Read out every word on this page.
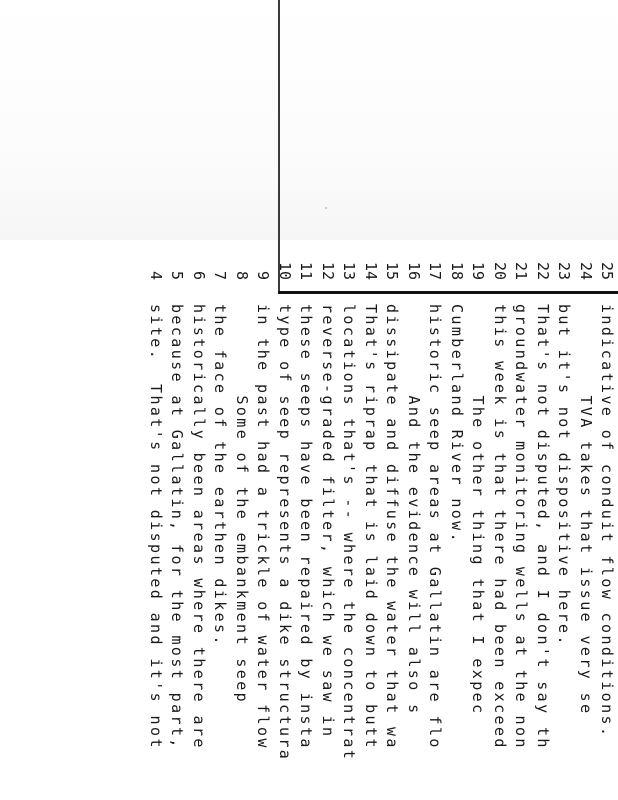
4
site.  That's not disputed and it's not
5
because at Gallatin, for the most part,
6
historically been areas where there are
7
the face of the earthen dikes.
8
Some of the embankment seep
9
in the past had a trickle of water flow
10
type of seep represents a dike structura
11
these seeps have been repaired by insta
12
reverse-graded filter, which we saw in
13
locations that's -- where the concentrat
14
That's riprap that is laid down to butt
15
dissipate and diffuse the water that wa
16
And the evidence will also s
17
historic seep areas at Gallatin are flo
18
Cumberland River now.
19
The other thing that I expec
20
this week is that there had been exceed
21
groundwater monitoring wells at the non
22
That's not disputed, and I don't say th
23
but it's not dispositive here.
24
TVA takes that issue very se
25
indicative of conduit flow conditions.
